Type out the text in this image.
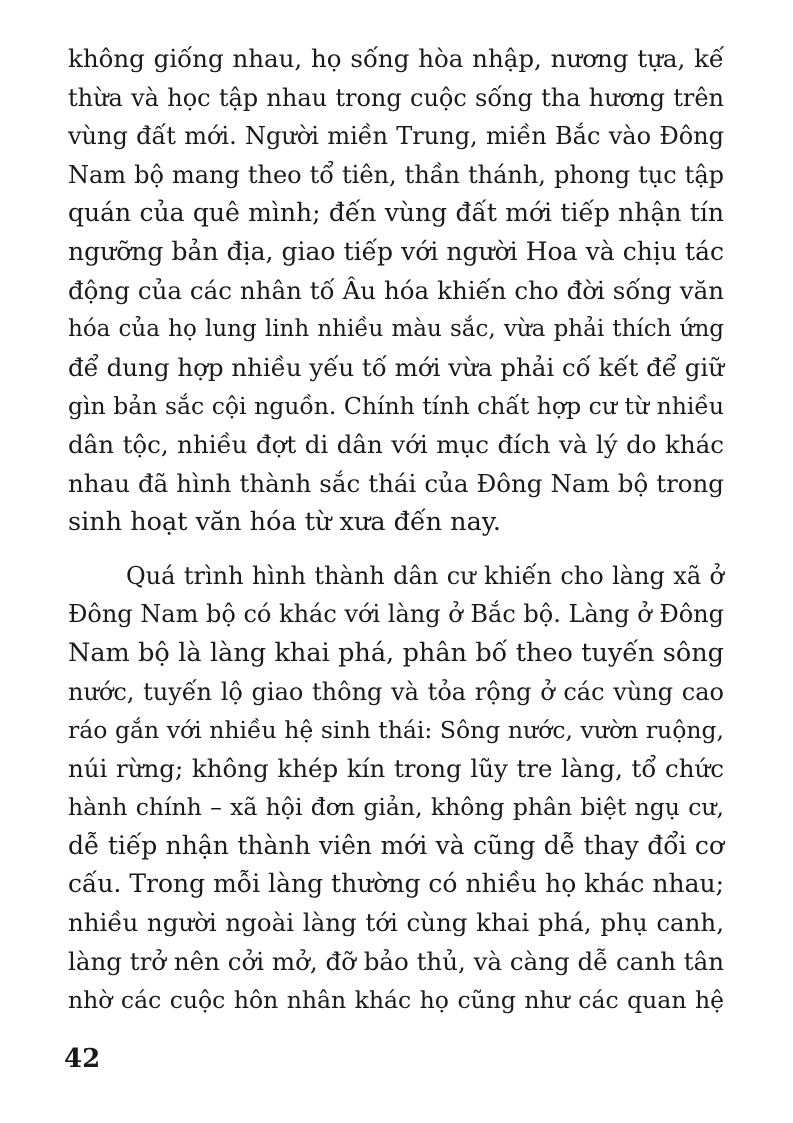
không giống nhau, họ sống hòa nhập, nương tựa, kế
thừa và học tập nhau trong cuộc sống tha hương trên
vùng đất mới. Người miền Trung, miền Bắc vào Đông
Nam bộ mang theo tổ tiên, thần thánh, phong tục tập
quán của quê mình; đến vùng đất mới tiếp nhận tín
ngưỡng bản địa, giao tiếp với người Hoa và chịu tác
động của các nhân tố Âu hóa khiến cho đời sống văn
hóa của họ lung linh nhiều màu sắc, vừa phải thích ứng
để dung hợp nhiều yếu tố mới vừa phải cố kết để giữ
gìn bản sắc cội nguồn. Chính tính chất hợp cư từ nhiều
dân tộc, nhiều đợt di dân với mục đích và lý do khác
nhau đã hình thành sắc thái của Đông Nam bộ trong
sinh hoạt văn hóa từ xưa đến nay.
Quá trình hình thành dân cư khiến cho làng xã ở
Đông Nam bộ có khác với làng ở Bắc bộ. Làng ở Đông
Nam bộ là làng khai phá, phân bố theo tuyến sông
nước, tuyến lộ giao thông và tỏa rộng ở các vùng cao
ráo gắn với nhiều hệ sinh thái: Sông nước, vườn ruộng,
núi rừng; không khép kín trong lũy tre làng, tổ chức
hành chính – xã hội đơn giản, không phân biệt ngụ cư,
dễ tiếp nhận thành viên mới và cũng dễ thay đổi cơ
cấu. Trong mỗi làng thường có nhiều họ khác nhau;
nhiều người ngoài làng tới cùng khai phá, phụ canh,
làng trở nên cởi mở, đỡ bảo thủ, và càng dễ canh tân
nhờ các cuộc hôn nhân khác họ cũng như các quan hệ
42
